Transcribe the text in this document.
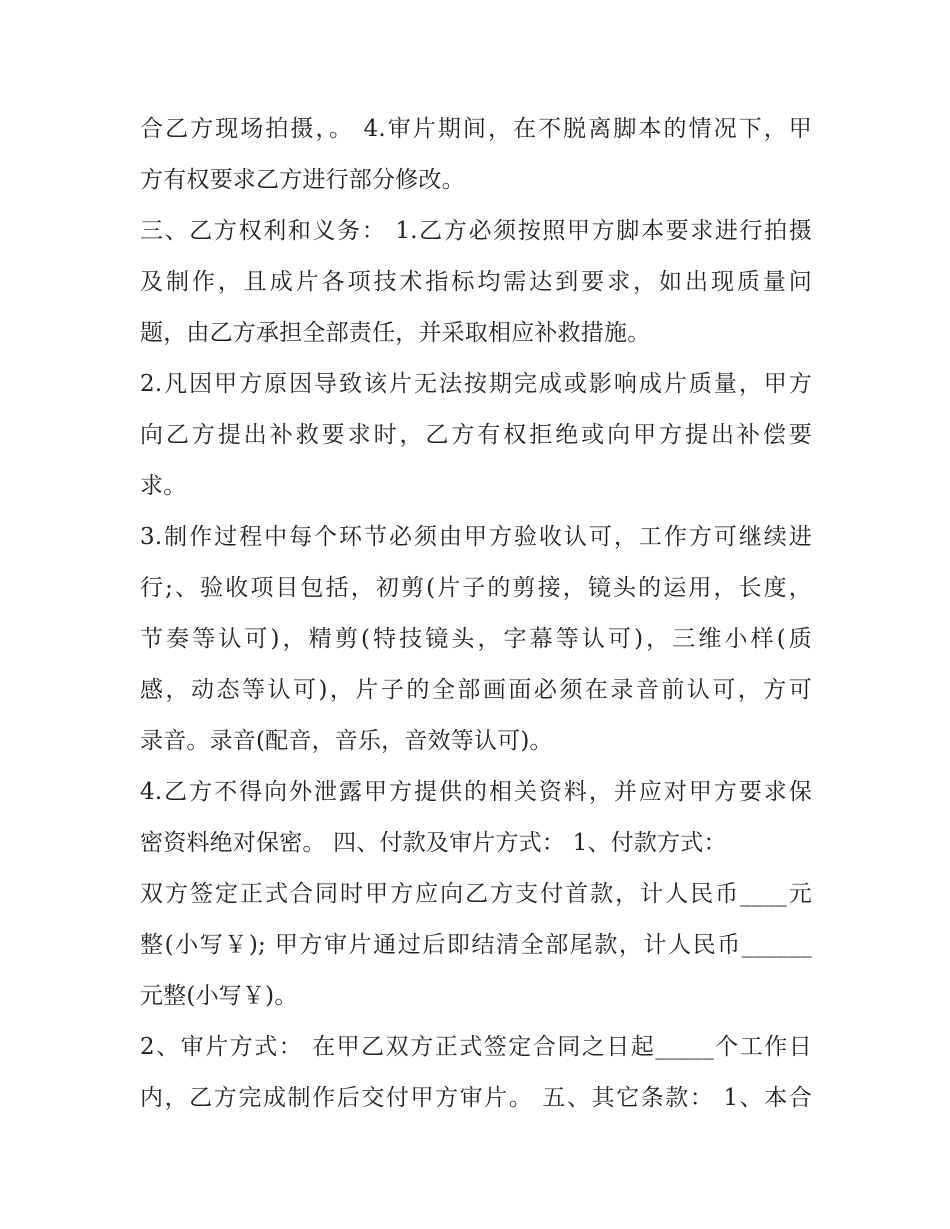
合乙方现场拍摄，。 4.审片期间，在不脱离脚本的情况下，甲
方有权要求乙方进行部分修改。
三、乙方权利和义务： 1.乙方必须按照甲方脚本要求进行拍摄
及制作，且成片各项技术指标均需达到要求，如出现质量问
题，由乙方承担全部责任，并采取相应补救措施。
2.凡因甲方原因导致该片无法按期完成或影响成片质量，甲方
向乙方提出补救要求时，乙方有权拒绝或向甲方提出补偿要
求。
3.制作过程中每个环节必须由甲方验收认可，工作方可继续进
行;、验收项目包括，初剪(片子的剪接，镜头的运用，长度，
节奏等认可)，精剪(特技镜头，字幕等认可)，三维小样(质
感，动态等认可)，片子的全部画面必须在录音前认可，方可
录音。录音(配音，音乐，音效等认可)。
4.乙方不得向外泄露甲方提供的相关资料，并应对甲方要求保
密资料绝对保密。 四、付款及审片方式： 1、付款方式：
双方签定正式合同时甲方应向乙方支付首款，计人民币____元
整(小写￥); 甲方审片通过后即结清全部尾款，计人民币______
元整(小写￥)。
2、审片方式： 在甲乙双方正式签定合同之日起_____个工作日
内，乙方完成制作后交付甲方审片。 五、其它条款： 1、本合
